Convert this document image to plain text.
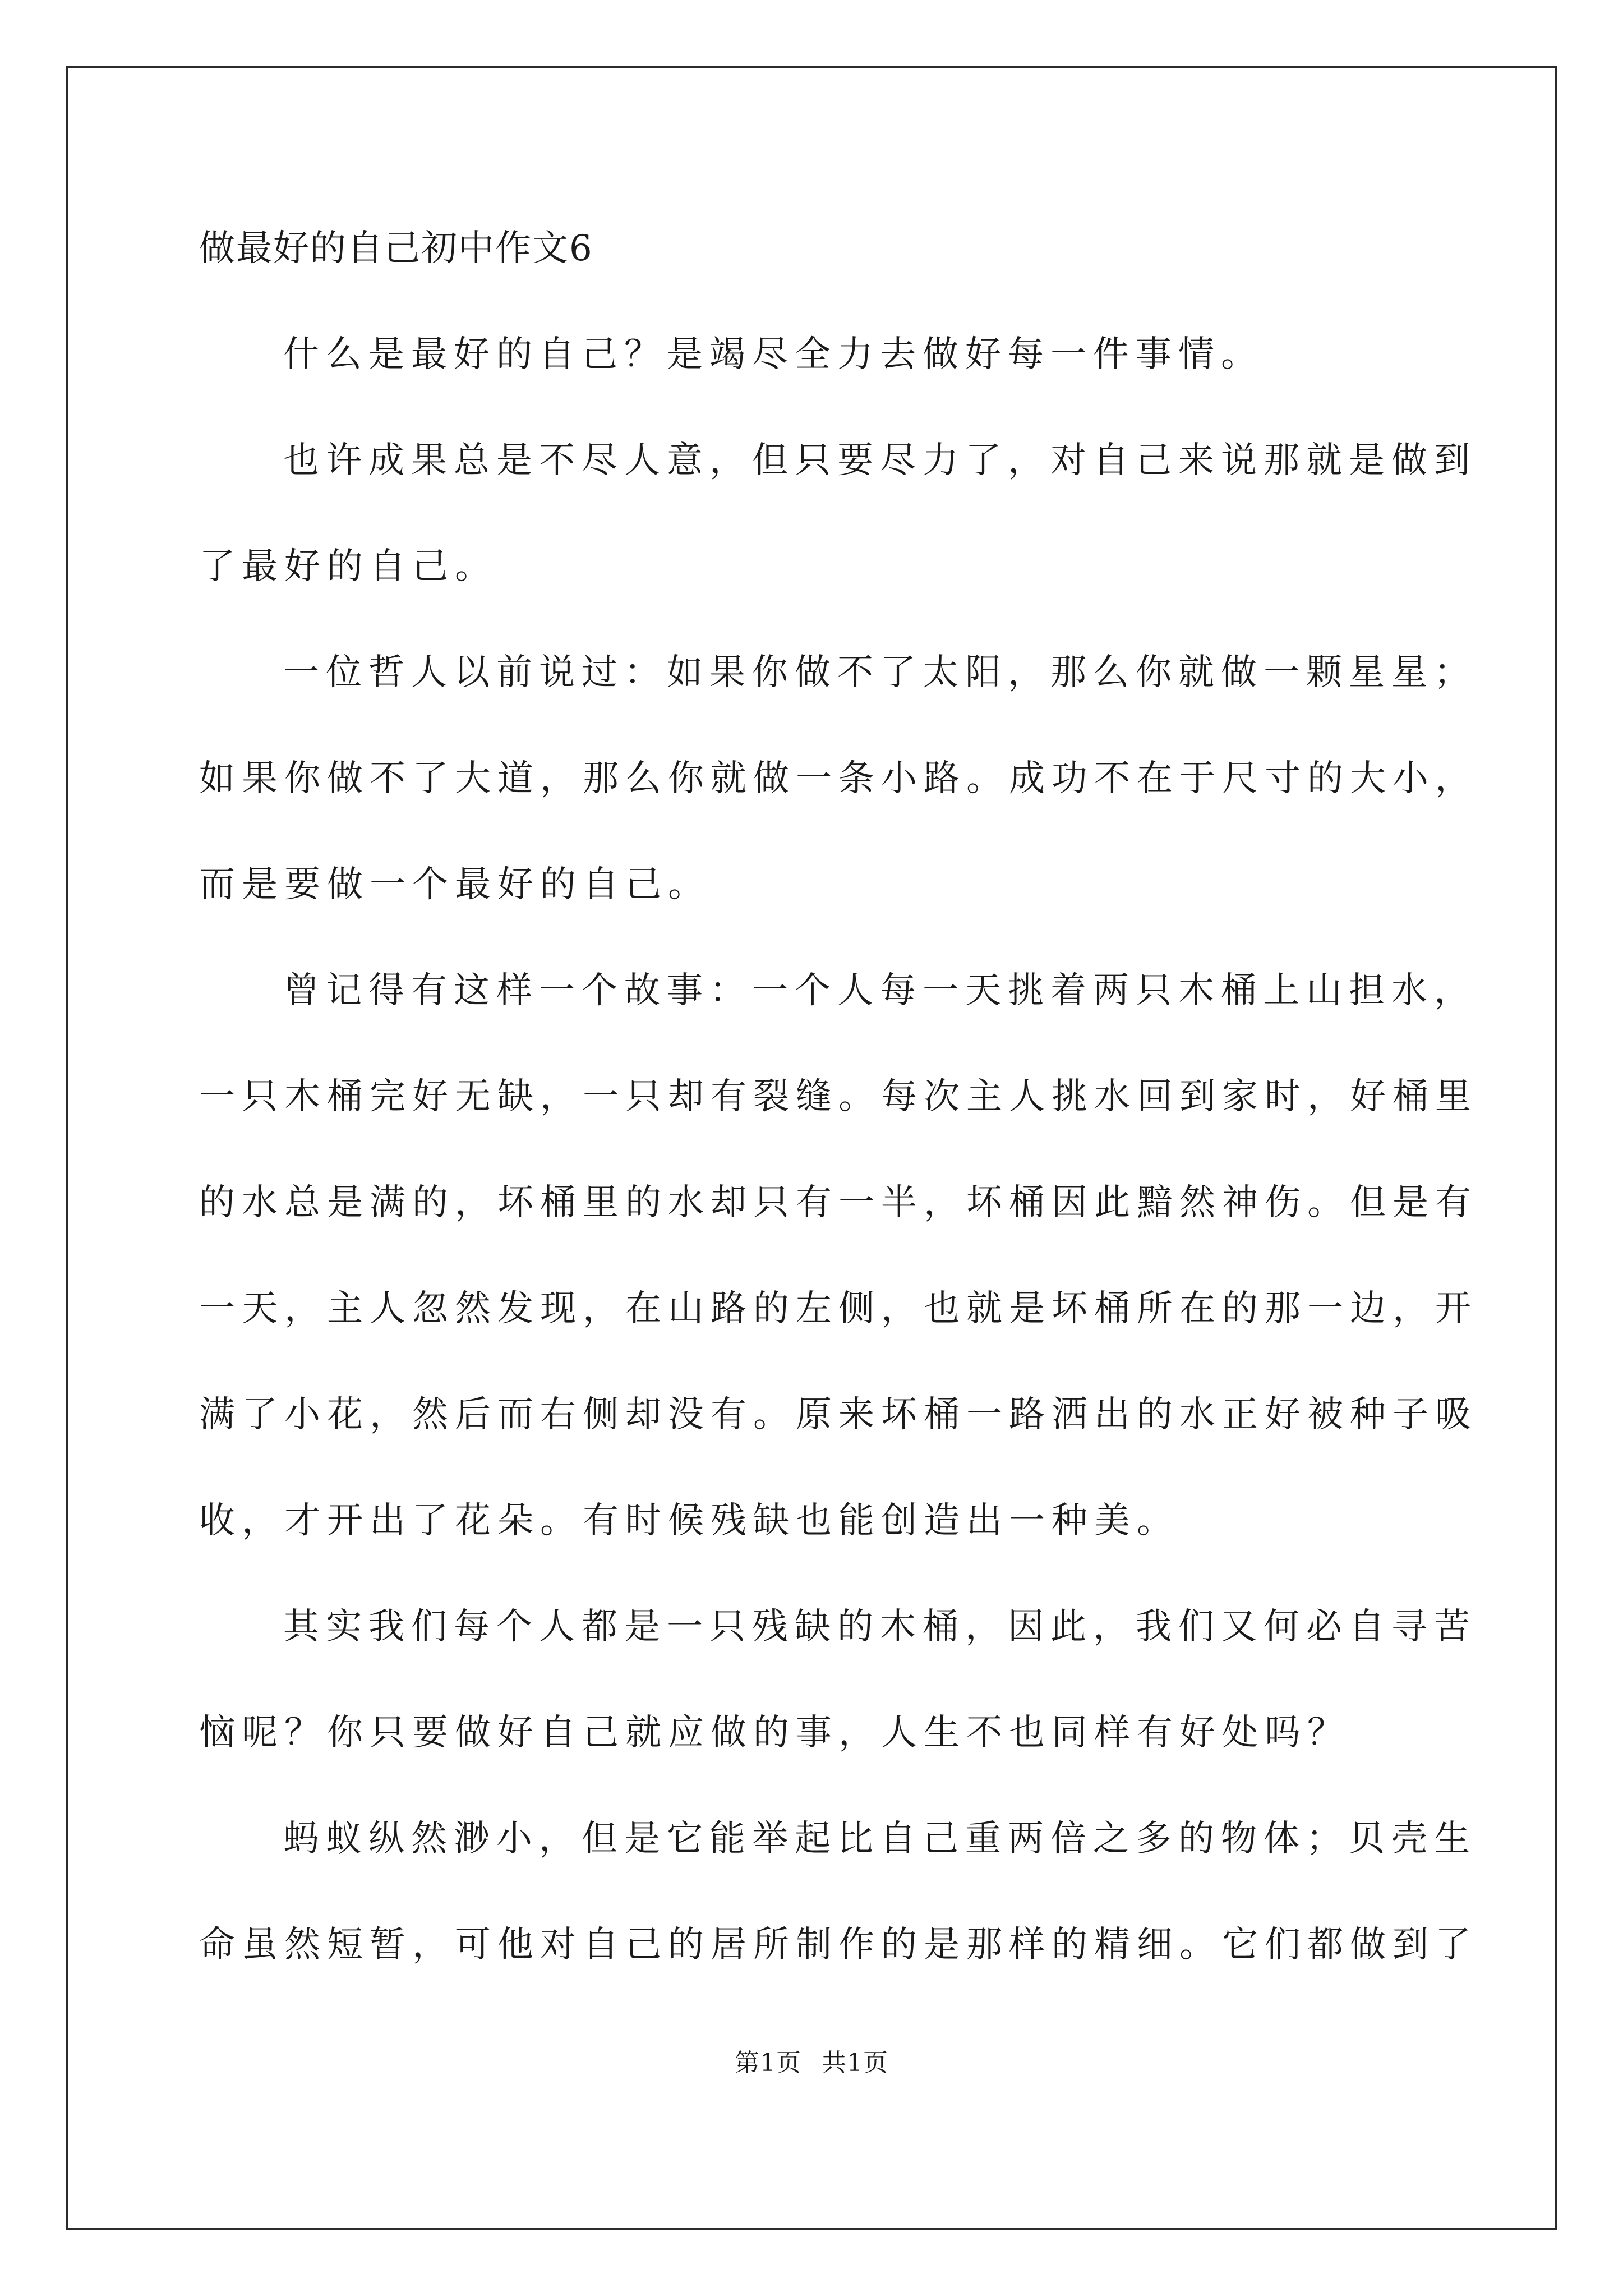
做最好的自己初中作文6
什么是最好的自己？是竭尽全力去做好每一件事情。
也许成果总是不尽人意，但只要尽力了，对自己来说那就是做到
了最好的自己。
一位哲人以前说过：如果你做不了太阳，那么你就做一颗星星；
如果你做不了大道，那么你就做一条小路。成功不在于尺寸的大小，
而是要做一个最好的自己。
曾记得有这样一个故事：一个人每一天挑着两只木桶上山担水，
一只木桶完好无缺，一只却有裂缝。每次主人挑水回到家时，好桶里
的水总是满的，坏桶里的水却只有一半，坏桶因此黯然神伤。但是有
一天，主人忽然发现，在山路的左侧，也就是坏桶所在的那一边，开
满了小花，然后而右侧却没有。原来坏桶一路洒出的水正好被种子吸
收，才开出了花朵。有时候残缺也能创造出一种美。
其实我们每个人都是一只残缺的木桶，因此，我们又何必自寻苦
恼呢？你只要做好自己就应做的事，人生不也同样有好处吗？
蚂蚁纵然渺小，但是它能举起比自己重两倍之多的物体；贝壳生
命虽然短暂，可他对自己的居所制作的是那样的精细。它们都做到了
第1页 共1页
